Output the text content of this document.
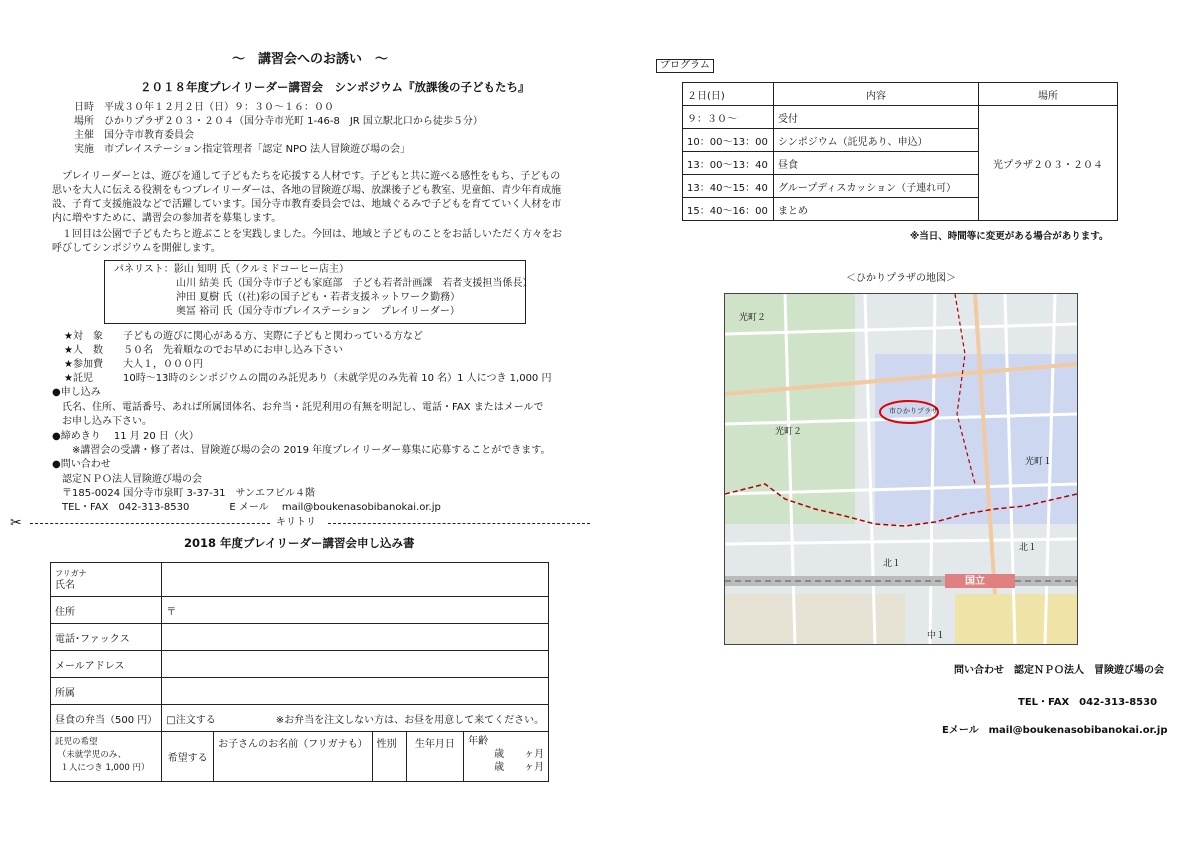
～　講習会へのお誘い　～
２０１８年度プレイリーダー講習会　シンポジウム『放課後の子どもたち』
日時　 平成３０年１２月２日（日）９：３０～１６：００
場所　 ひかりプラザ２０３・２０４（国分寺市光町 1-46-8　JR 国立駅北口から徒歩５分）
主催　 国分寺市教育委員会
実施　 市プレイステーション指定管理者「認定 NPO 法人冒険遊び場の会」
　プレイリーダーとは、遊びを通して子どもたちを応援する人材です。子どもと共に遊べる感性をもち、子どもの
思いを大人に伝える役割をもつプレイリーダーは、各地の冒険遊び場、放課後子ども教室、児童館、青少年育成施
設、子育て支援施設などで活躍しています。国分寺市教育委員会では、地域ぐるみで子どもを育てていく人材を市
内に増やすために、講習会の参加者を募集します。
　１回目は公園で子どもたちと遊ぶことを実践しました。今回は、地域と子どものことをお話しいただく方々をお
呼びしてシンポジウムを開催します。
パネリスト：影山 知明 氏（クルミドコーヒー店主）
山川 結美 氏（国分寺市子ども家庭部　子ども若者計画課　若者支援担当係長）
沖田 夏樹 氏（(社)彩の国子ども・若者支援ネットワーク勤務）
奥冨 裕司 氏（国分寺市プレイステーション　プレイリーダー）
★対　象　　子どもの遊びに関心がある方、実際に子どもと関わっている方など
★人　数　　５０名　先着順なのでお早めにお申し込み下さい
★参加費　　大人１，０００円
★託児　　　10時～13時のシンポジウムの間のみ託児あり（未就学児のみ先着 10 名）1 人につき 1,000 円
●申し込み
　氏名、住所、電話番号、あれば所属団体名、お弁当・託児利用の有無を明記し、電話・FAX またはメールで
　お申し込み下さい。
●締めきり　 11 月 20 日（火）
　　※講習会の受講・修了者は、冒険遊び場の会の 2019 年度プレイリーダー募集に応募することができます。
●問い合わせ
　認定ＮＰＯ法人冒険遊び場の会
　〒185-0024 国分寺市泉町 3-37-31　サンエフビル４階
　TEL・FAX　042-313-8530　　　　E メール　 mail@boukenasobibanokai.or.jp
✂	キリトリ
2018 年度プレイリーダー講習会申し込み書
フリガナ
氏名					
住所	〒				
電話･ファックス					
メールアドレス					
所属					
昼食の弁当（500 円）	□注文する　　　　　　 ※お弁当を注文しない方は、お昼を用意して来てください。				
託児の希望
（未就学児のみ、
１人につき 1,000 円）	希望する	お子さんのお名前（フリガナも）	性別	生年月日	年齢
歳　　ヶ月
歳　　ヶ月
プログラム
２日(日)	内容	場所
９：３０～	受付	光プラザ２０３・２０４
10：00～13：00	シンポジウム（託児あり、申込）	
13：00～13：40	昼食	
13：40～15：40	グループディスカッション（子連れ可）	
15：40～16：00	まとめ	
※当日、時間等に変更がある場合があります。
＜ひかりプラザの地図＞
光町２
光町２
光町１
北１
北１
中１
市ひかりプラザ
国立
問い合わせ　認定ＮＰＯ法人　冒険遊び場の会
TEL・FAX　042-313-8530
Eメール　mail@boukenasobibanokai.or.jp
